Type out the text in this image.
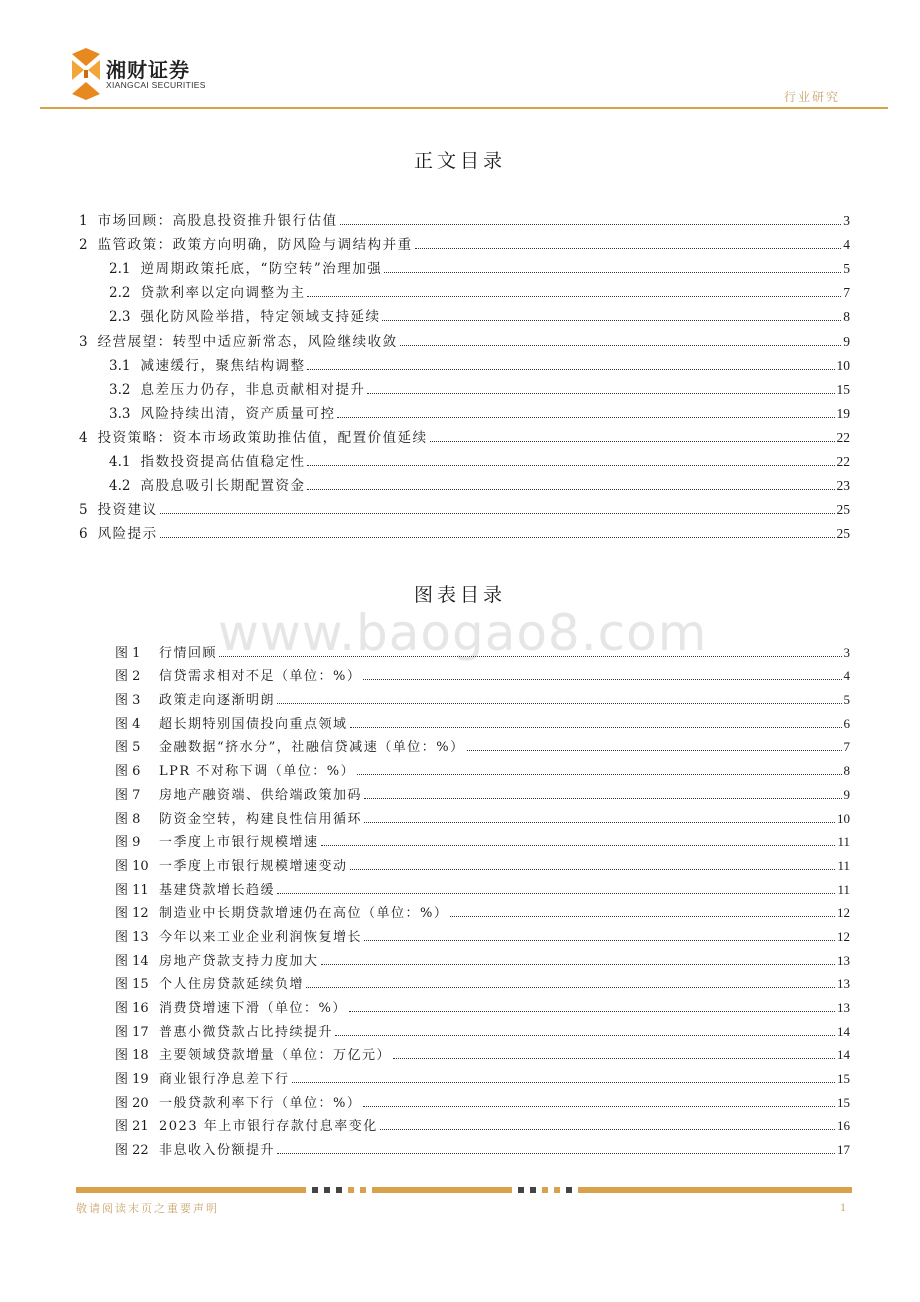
湘财证券
XIANGCAI SECURITIES
行业研究
www.baogao8.com
正文目录
1 市场回顾：高股息投资推升银行估值	3
2 监管政策：政策方向明确，防风险与调结构并重	4
2.1 逆周期政策托底，“防空转”治理加强	5
2.2 贷款利率以定向调整为主	7
2.3 强化防风险举措，特定领域支持延续	8
3 经营展望：转型中适应新常态，风险继续收敛	9
3.1 减速缓行，聚焦结构调整	10
3.2 息差压力仍存，非息贡献相对提升	15
3.3 风险持续出清，资产质量可控	19
4 投资策略：资本市场政策助推估值，配置价值延续	22
4.1 指数投资提高估值稳定性	22
4.2 高股息吸引长期配置资金	23
5 投资建议	25
6 风险提示	25
图表目录
图 1	行情回顾	3
图 2	信贷需求相对不足（单位：%）	4
图 3	政策走向逐渐明朗	5
图 4	超长期特别国债投向重点领域	6
图 5	金融数据“挤水分”，社融信贷减速（单位：%）	7
图 6	LPR 不对称下调（单位：%）	8
图 7	房地产融资端、供给端政策加码	9
图 8	防资金空转，构建良性信用循环	10
图 9	一季度上市银行规模增速	11
图 10 一季度上市银行规模增速变动	11
图 11 基建贷款增长趋缓	11
图 12 制造业中长期贷款增速仍在高位（单位：%）	12
图 13 今年以来工业企业利润恢复增长	12
图 14 房地产贷款支持力度加大	13
图 15 个人住房贷款延续负增	13
图 16 消费贷增速下滑（单位：%）	13
图 17 普惠小微贷款占比持续提升	14
图 18 主要领域贷款增量（单位：万亿元）	14
图 19 商业银行净息差下行	15
图 20 一般贷款利率下行（单位：%）	15
图 21 2023 年上市银行存款付息率变化	16
图 22 非息收入份额提升	17
敬请阅读末页之重要声明	1
